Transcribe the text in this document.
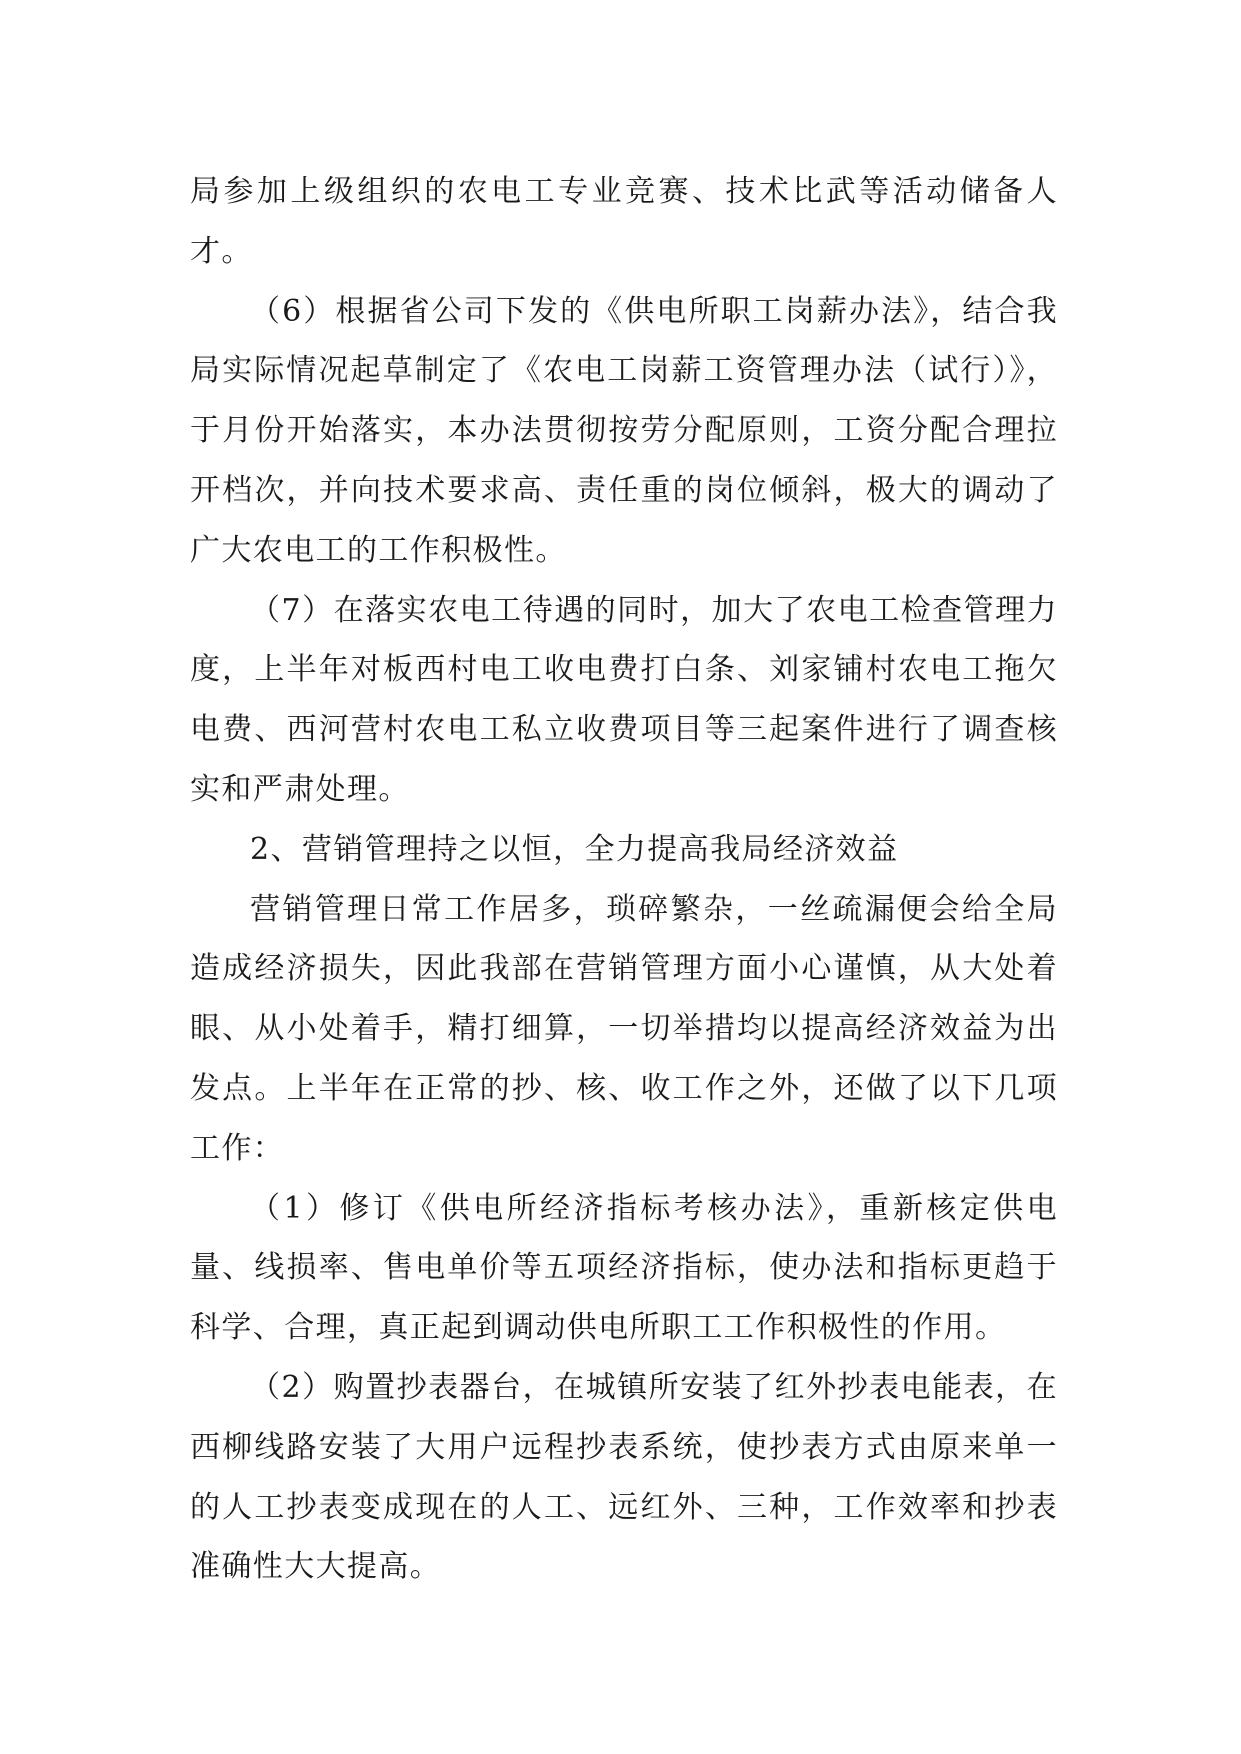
局参加上级组织的农电工专业竞赛、技术比武等活动储备人才。

（6）根据省公司下发的《供电所职工岗薪办法》，结合我局实际情况起草制定了《农电工岗薪工资管理办法（试行）》，于月份开始落实，本办法贯彻按劳分配原则，工资分配合理拉开档次，并向技术要求高、责任重的岗位倾斜，极大的调动了广大农电工的工作积极性。

（7）在落实农电工待遇的同时，加大了农电工检查管理力度，上半年对板西村电工收电费打白条、刘家铺村农电工拖欠电费、西河营村农电工私立收费项目等三起案件进行了调查核实和严肃处理。

2、营销管理持之以恒，全力提高我局经济效益

营销管理日常工作居多，琐碎繁杂，一丝疏漏便会给全局造成经济损失，因此我部在营销管理方面小心谨慎，从大处着眼、从小处着手，精打细算，一切举措均以提高经济效益为出发点。上半年在正常的抄、核、收工作之外，还做了以下几项工作：

（1）修订《供电所经济指标考核办法》，重新核定供电量、线损率、售电单价等五项经济指标，使办法和指标更趋于科学、合理，真正起到调动供电所职工工作积极性的作用。

（2）购置抄表器台，在城镇所安装了红外抄表电能表，在西柳线路安装了大用户远程抄表系统，使抄表方式由原来单一的人工抄表变成现在的人工、远红外、三种，工作效率和抄表准确性大大提高。
